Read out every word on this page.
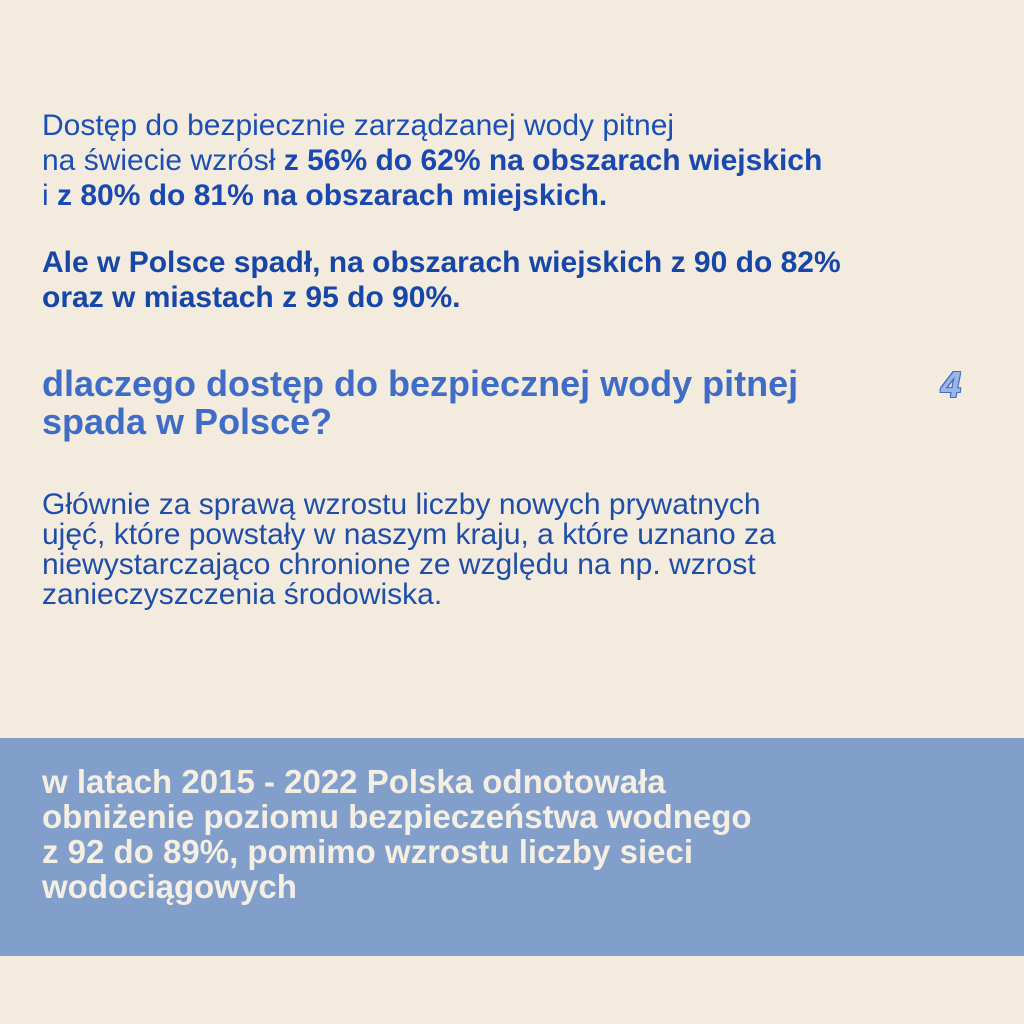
Dostęp do bezpiecznie zarządzanej wody pitnej
na świecie wzrósł z 56% do 62% na obszarach wiejskich
i z 80% do 81% na obszarach miejskich.
Ale w Polsce spadł, na obszarach wiejskich z 90 do 82%
oraz w miastach z 95 do 90%.
dlaczego dostęp do bezpiecznej wody pitnej
spada w Polsce?
4
Głównie za sprawą wzrostu liczby nowych prywatnych
ujęć, które powstały w naszym kraju, a które uznano za
niewystarczająco chronione ze względu na np. wzrost
zanieczyszczenia środowiska.
w latach 2015 - 2022 Polska odnotowała
obniżenie poziomu bezpieczeństwa wodnego
z 92 do 89%, pomimo wzrostu liczby sieci
wodociągowych
